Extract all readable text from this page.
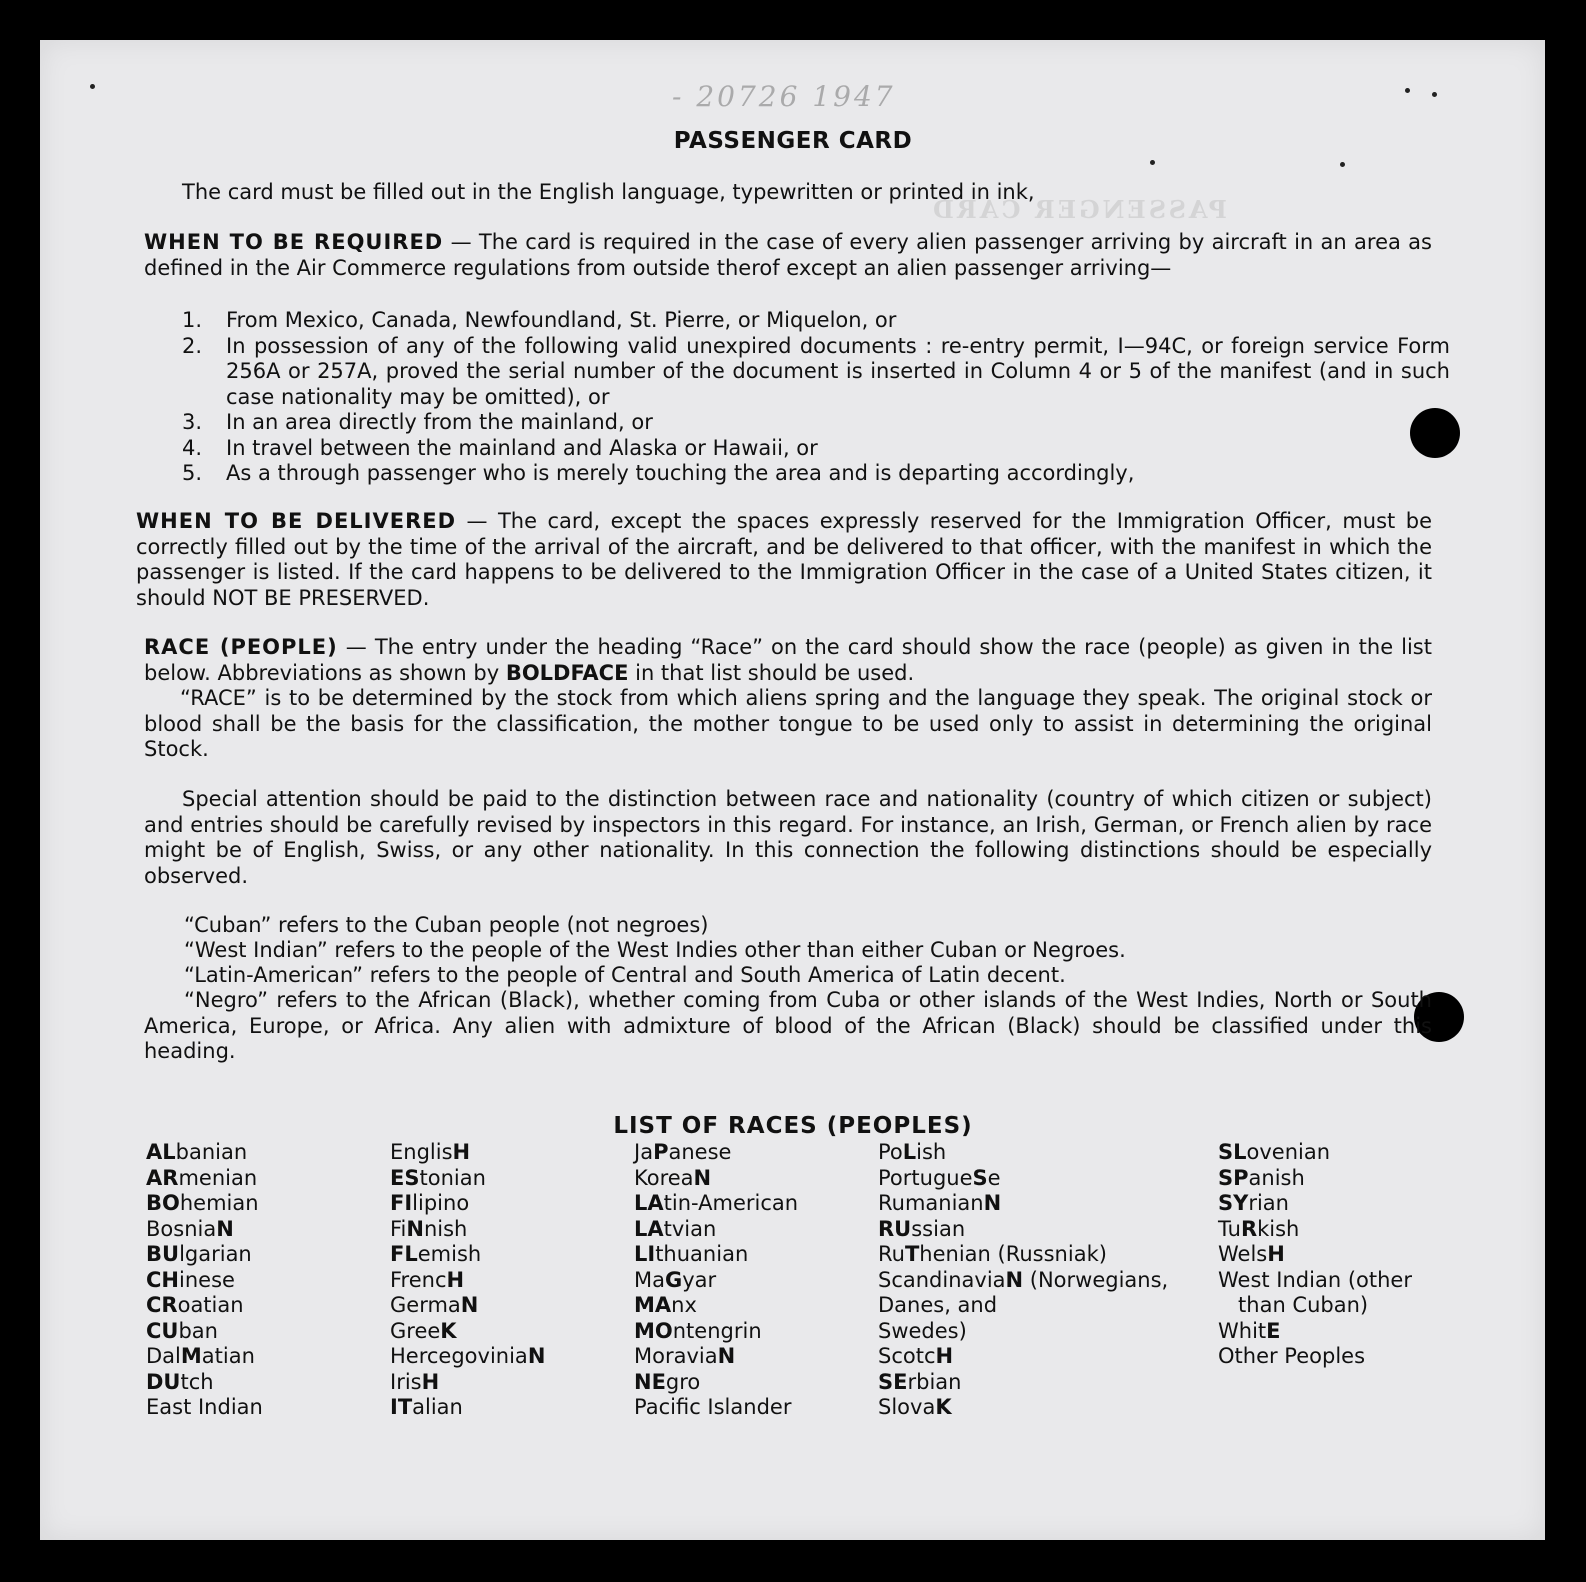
- 20726 1947
PASSENGER CARD
PASSENGER CARD
The card must be filled out in the English language, typewritten or printed in ink,
WHEN TO BE REQUIRED — The card is required in the case of every alien passenger arriving by aircraft in an area as defined in the Air Commerce regulations from outside therof except an alien passenger arriving—
1.	From Mexico, Canada, Newfoundland, St. Pierre, or Miquelon, or
2.	In possession of any of the following valid unexpired documents : re-entry permit, I—94C, or foreign service Form 256A or 257A, proved the serial number of the document is inserted in Column 4 or 5 of the manifest (and in such case nationality may be omitted), or
3.	In an area directly from the mainland, or
4.	In travel between the mainland and Alaska or Hawaii, or
5.	As a through passenger who is merely touching the area and is departing accordingly,
WHEN TO BE DELIVERED — The card, except the spaces expressly reserved for the Immigration Officer, must be correctly filled out by the time of the arrival of the aircraft, and be delivered to that officer, with the manifest in which the passenger is listed. If the card happens to be delivered to the Immigration Officer in the case of a United States citizen, it should NOT BE PRESERVED.
RACE (PEOPLE) — The entry under the heading “Race” on the card should show the race (people) as given in the list below. Abbreviations as shown by BOLDFACE in that list should be used.
“RACE” is to be determined by the stock from which aliens spring and the language they speak. The original stock or blood shall be the basis for the classification, the mother tongue to be used only to assist in determining the original Stock.
Special attention should be paid to the distinction between race and nationality (country of which citizen or subject) and entries should be carefully revised by inspectors in this regard. For instance, an Irish, German, or French alien by race might be of English, Swiss, or any other nationality. In this connection the following distinctions should be especially observed.
“Cuban” refers to the Cuban people (not negroes)
“West Indian” refers to the people of the West Indies other than either Cuban or Negroes.
“Latin-American” refers to the people of Central and South America of Latin decent.
“Negro” refers to the African (Black), whether coming from Cuba or other islands of the West Indies, North or South America, Europe, or Africa. Any alien with admixture of blood of the African (Black) should be classified under this heading.
LIST OF RACES (PEOPLES)
ALbanian
ARmenian
BOhemian
BosniaN
BUlgarian
CHinese
CRoatian
CUban
DalMatian
DUtch
East Indian
EnglisH
EStonian
FIlipino
FiNnish
FLemish
FrencH
GermaN
GreeK
HercegoviniaN
IrisH
ITalian
JaPanese
KoreaN
LAtin-American
LAtvian
LIthuanian
MaGyar
MAnx
MOntengrin
MoraviaN
NEgro
Pacific Islander
PoLish
PortugueSe
RumanianN
RUssian
RuThenian (Russniak)
ScandinaviaN (Norwegians,
Danes, and
Swedes)
ScotcH
SErbian
SlovaK
SLovenian
SPanish
SYrian
TuRkish
WelsH
West Indian (other
than Cuban)
WhitE
Other Peoples
